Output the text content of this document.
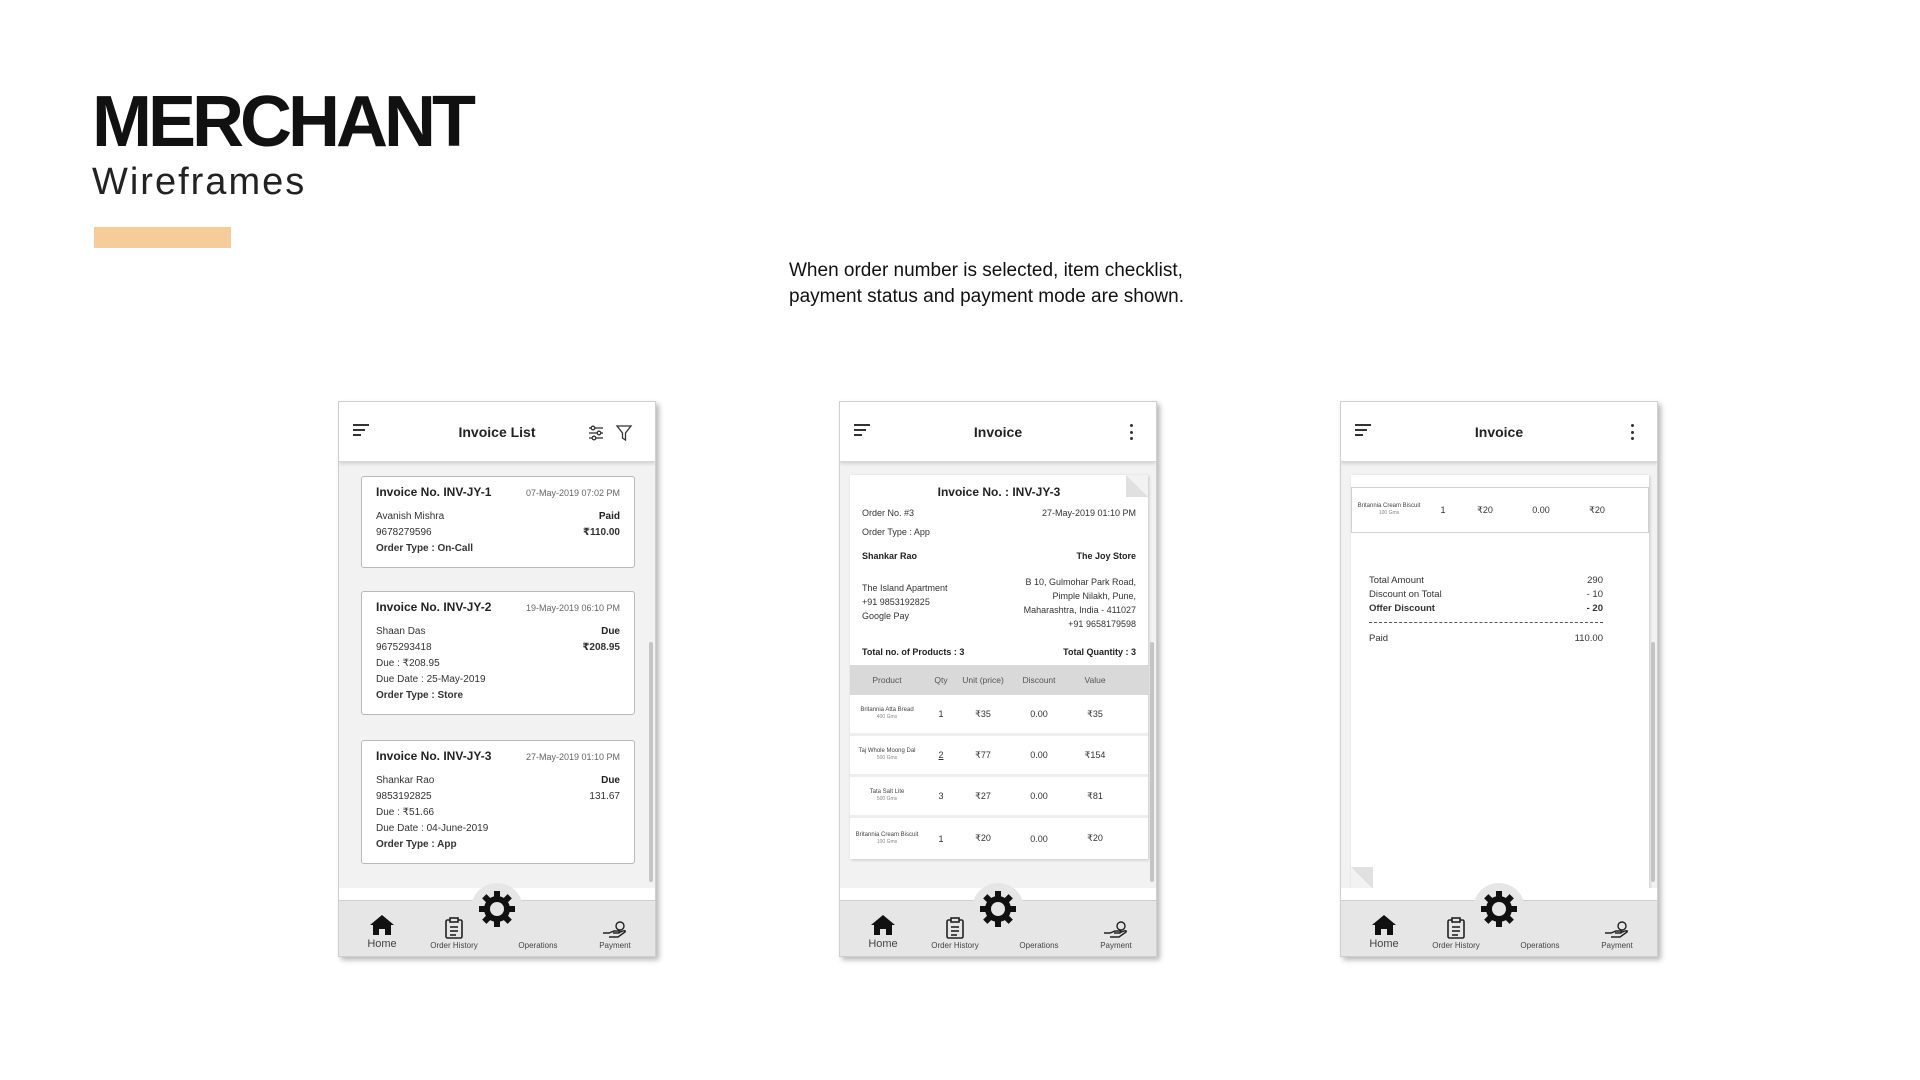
MERCHANT
Wireframes
When order number is selected, item checklist,
payment status and payment mode are shown.
Invoice List
Invoice No. INV-JY-1	07-May-2019 07:02 PM
Avanish Mishra	Paid
9678279596	₹110.00
Order Type : On-Call
Invoice No. INV-JY-2	19-May-2019 06:10 PM
Shaan Das	Due
9675293418	₹208.95
Due : ₹208.95
Due Date : 25-May-2019
Order Type : Store
Invoice No. INV-JY-3	27-May-2019 01:10 PM
Shankar Rao	Due
9853192825	131.67
Due : ₹51.66
Due Date : 04-June-2019
Order Type : App
Home	Order History	Operations	Payment
Invoice
Invoice No. : INV-JY-3
Order No. #3	27-May-2019 01:10 PM
Order Type : App
Shankar Rao	The Joy Store
The Island Apartment
+91 9853192825
Google Pay
B 10, Gulmohar Park Road,
Pimple Nilakh, Pune,
Maharashtra, India - 411027
+91 9658179598
Total no. of Products : 3	Total Quantity : 3
Product	Qty	Unit (price)	Discount	Value
Britannia Atta Bread
400 Gms	1	₹35	0.00	₹35
Taj Whole Moong Dal
500 Gms	2	₹77	0.00	₹154
Tata Salt Lite
500 Gms	3	₹27	0.00	₹81
Britannia Cream Biscuit
100 Gms	1	₹20	0.00	₹20
Home	Order History	Operations	Payment
Invoice
Britannia Cream Biscuit
100 Gms	1	₹20	0.00	₹20
Total Amount	290
Discount on Total	- 10
Offer Discount	- 20
Paid	110.00
Home	Order History	Operations	Payment
